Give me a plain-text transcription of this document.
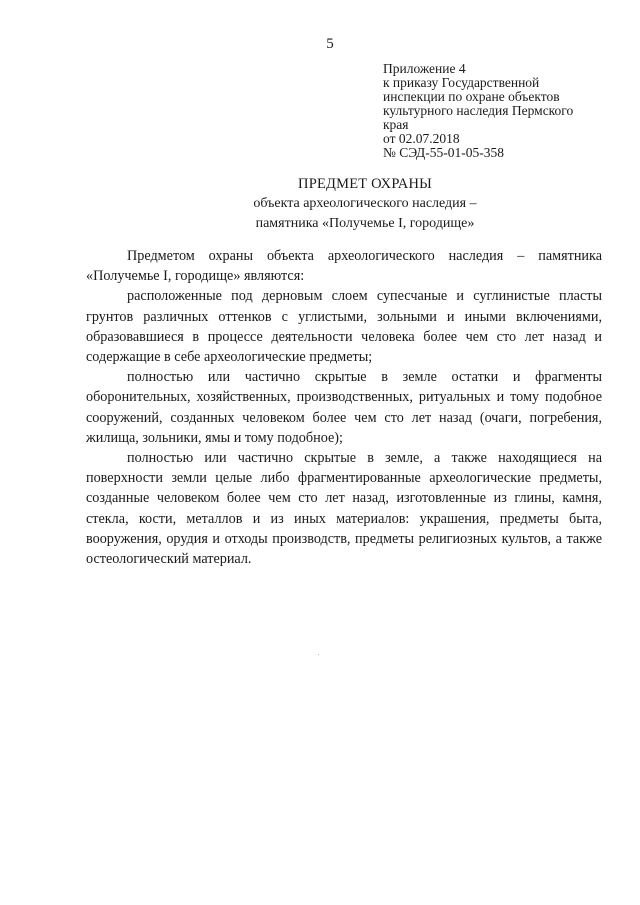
5
Приложение 4
к приказу Государственной
инспекции по охране объектов
культурного наследия Пермского
края
от 02.07.2018
№ СЭД-55-01-05-358
ПРЕДМЕТ ОХРАНЫ
объекта археологического наследия –
памятника «Получемье I, городище»

Предметом охраны объекта археологического наследия – памятника «Получемье I, городище» являются:

расположенные под дерновым слоем супесчаные и суглинистые пласты грунтов различных оттенков с углистыми, зольными и иными включениями, образовавшиеся в процессе деятельности человека более чем сто лет назад и содержащие в себе археологические предметы;

полностью или частично скрытые в земле остатки и фрагменты оборонительных, хозяйственных, производственных, ритуальных и тому подобное сооружений, созданных человеком более чем сто лет назад (очаги, погребения, жилища, зольники, ямы и тому подобное);

полностью или частично скрытые в земле, а также находящиеся на поверхности земли целые либо фрагментированные археологические предметы, созданные человеком более чем сто лет назад, изготовленные из глины, камня, стекла, кости, металлов и из иных материалов: украшения, предметы быта, вооружения, орудия и отходы производств, предметы религиозных культов, а также остеологический материал.
